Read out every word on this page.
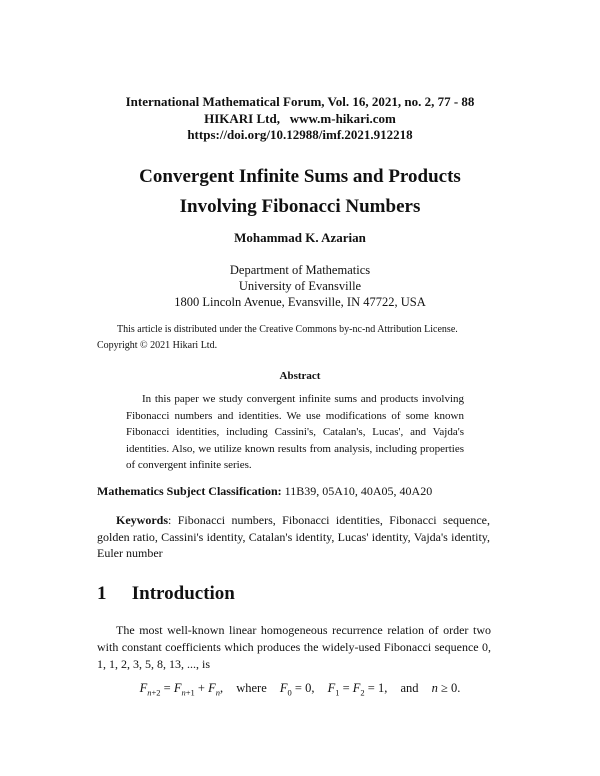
International Mathematical Forum, Vol. 16, 2021, no. 2, 77 - 88
HIKARI Ltd,   www.m-hikari.com
https://doi.org/10.12988/imf.2021.912218
Convergent Infinite Sums and Products
Involving Fibonacci Numbers
Mohammad K. Azarian
Department of Mathematics
University of Evansville
1800 Lincoln Avenue, Evansville, IN 47722, USA
This article is distributed under the Creative Commons by-nc-nd Attribution License.
Copyright © 2021 Hikari Ltd.
Abstract
In this paper we study convergent infinite sums and products involving Fibonacci numbers and identities. We use modifications of some known Fibonacci identities, including Cassini's, Catalan's, Lucas', and Vajda's identities. Also, we utilize known results from analysis, including properties of convergent infinite series.
Mathematics Subject Classification: 11B39, 05A10, 40A05, 40A20
Keywords: Fibonacci numbers, Fibonacci identities, Fibonacci sequence, golden ratio, Cassini's identity, Catalan's identity, Lucas' identity, Vajda's identity, Euler number
1 Introduction
The most well-known linear homogeneous recurrence relation of order two with constant coefficients which produces the widely-used Fibonacci sequence 0, 1, 1, 2, 3, 5, 8, 13, ..., is
$F_{n+2} = F_{n+1} + F_n$, where $F_0 = 0$, $F_1 = F_2 = 1$, and n ≥ 0.
